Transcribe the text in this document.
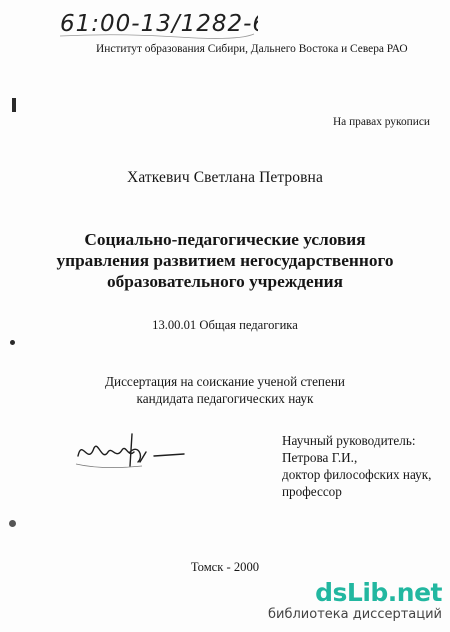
61:00-13/1282-6
Институт образования Сибири, Дальнего Востока и Севера РАО
На правах рукописи
Хаткевич Светлана Петровна
Социально-педагогические условия
управления развитием негосударственного
образовательного учреждения
13.00.01 Общая педагогика
Диссертация на соискание ученой степени
кандидата педагогических наук
Научный руководитель:
Петрова Г.И.,
доктор философских наук,
профессор
Томск - 2000
dsLib.net
библиотека диссертаций
